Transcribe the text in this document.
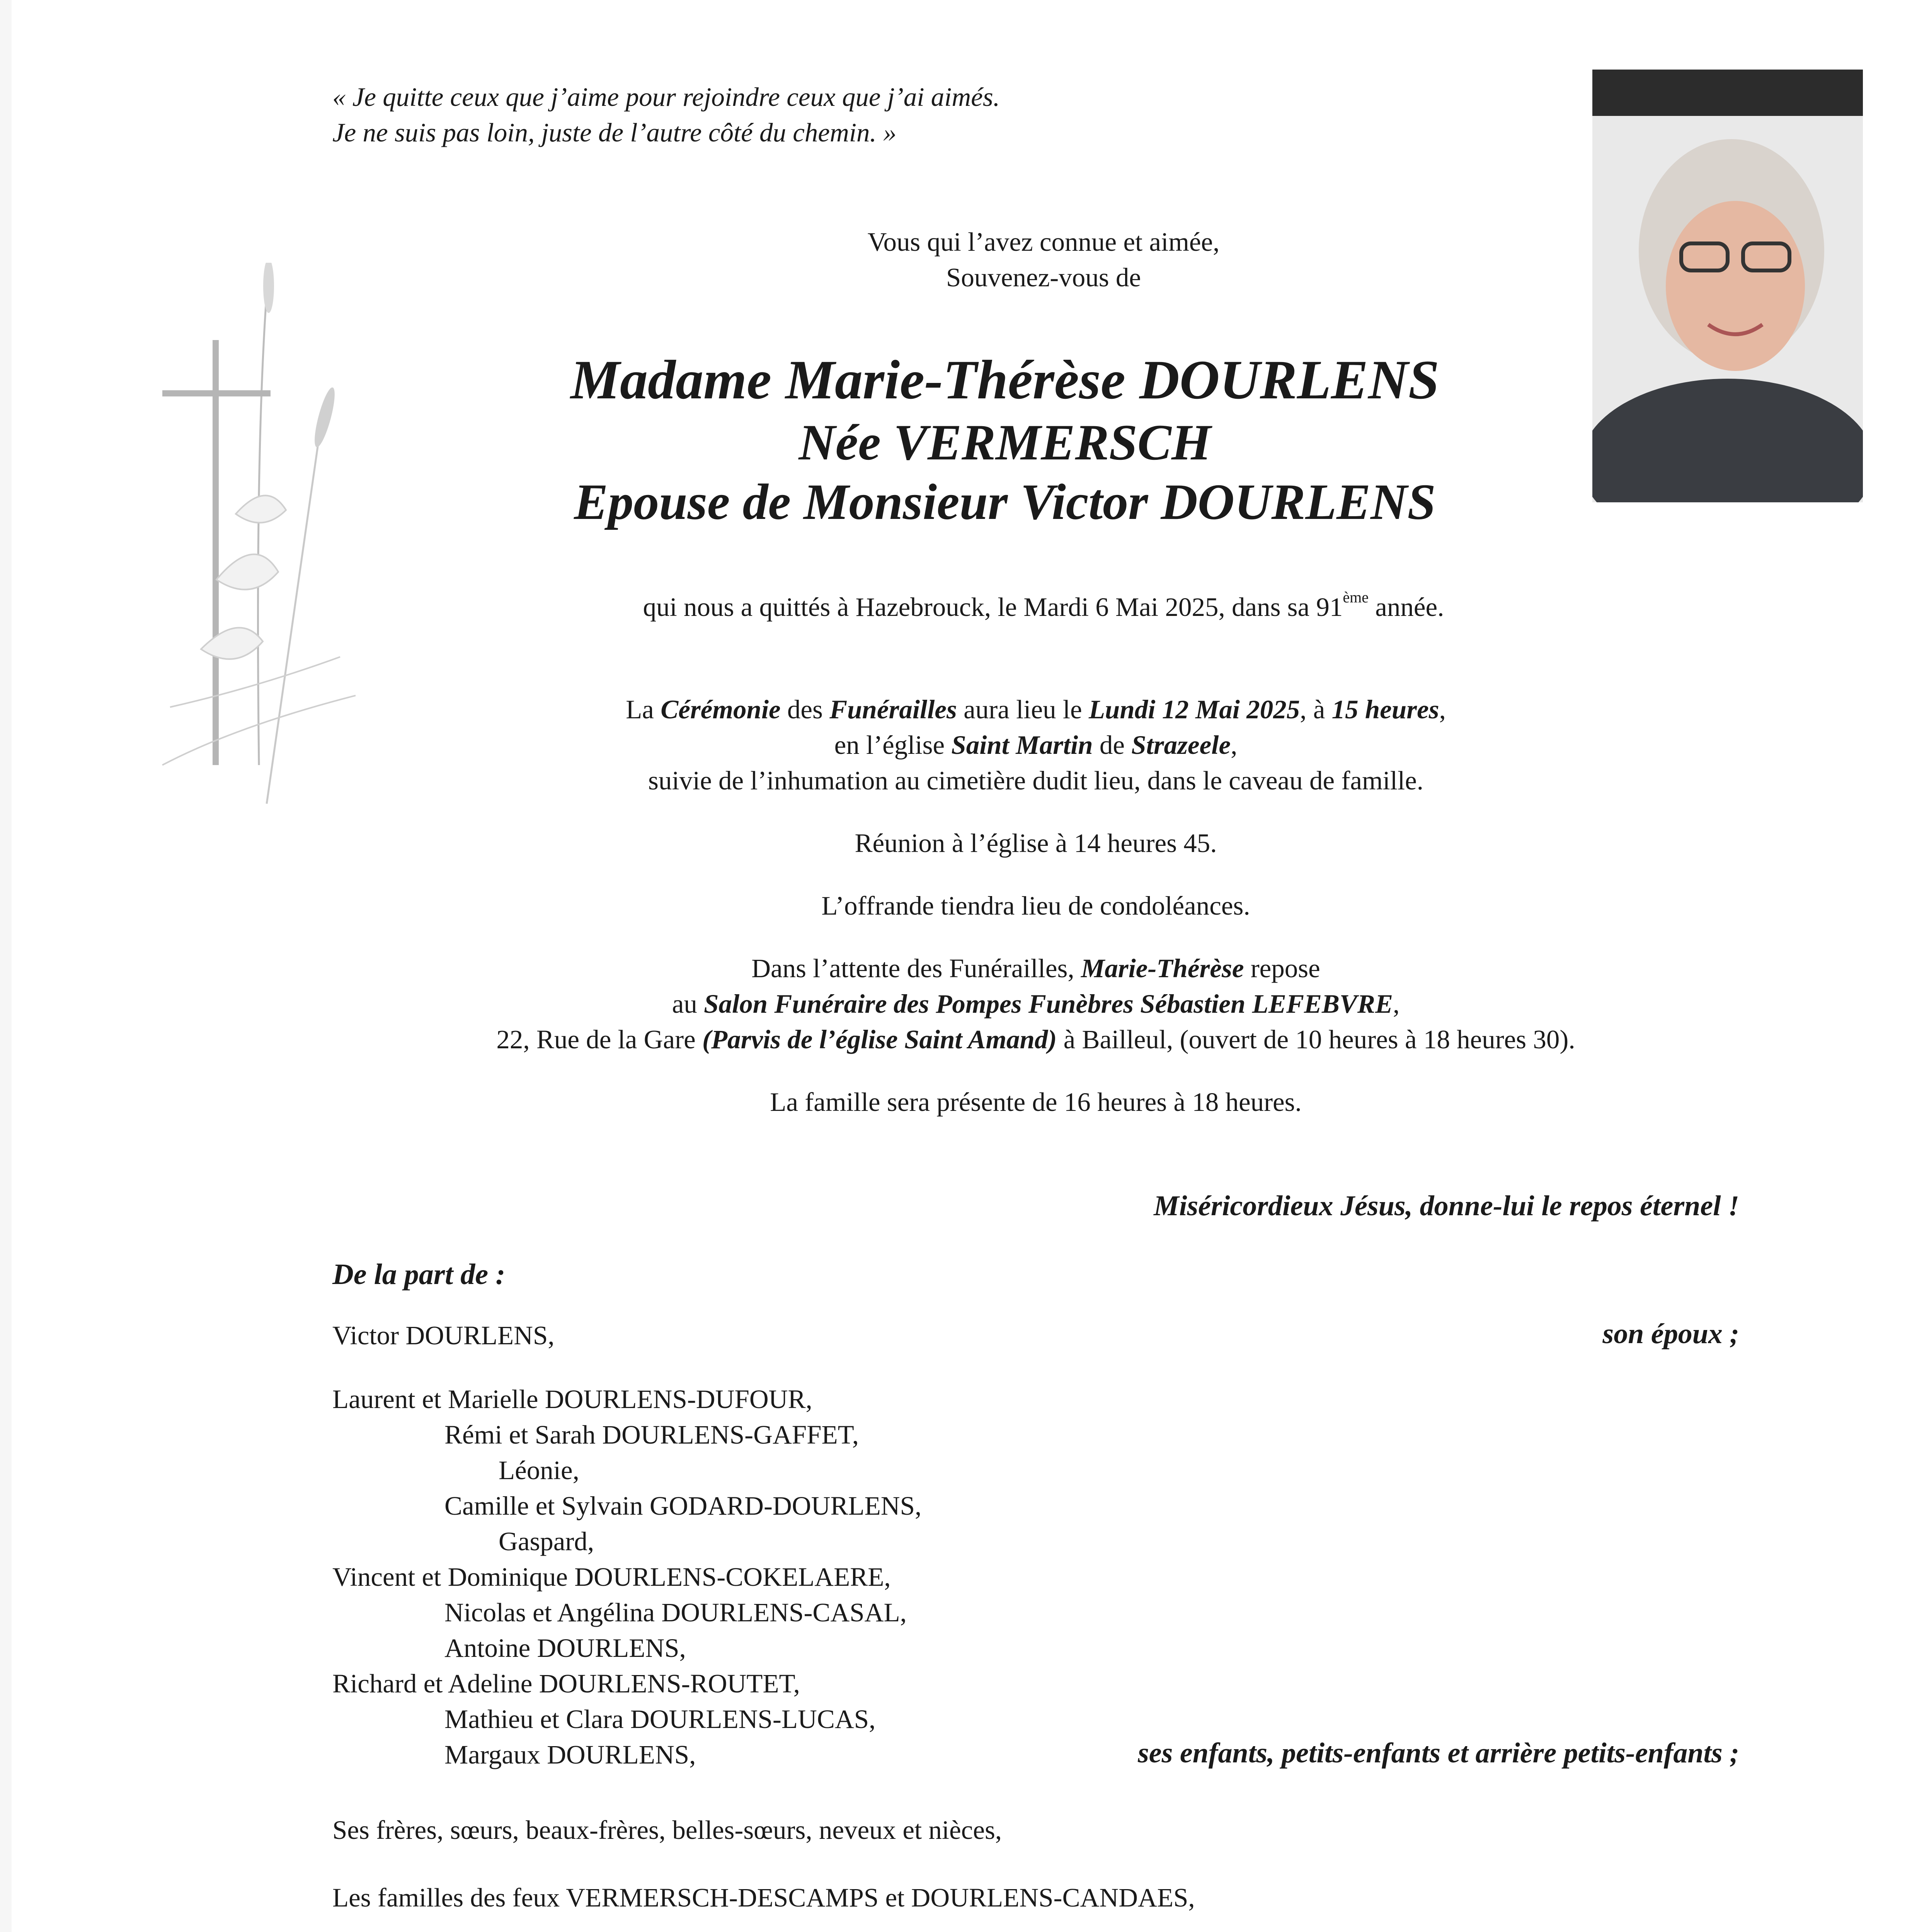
« Je quitte ceux que j’aime pour rejoindre ceux que j’ai aimés.
Je ne suis pas loin, juste de l’autre côté du chemin. »
Vous qui l’avez connue et aimée,
Souvenez-vous de
Madame Marie-Thérèse DOURLENS
Née VERMERSCH
Epouse de Monsieur Victor DOURLENS
qui nous a quittés à Hazebrouck, le Mardi 6 Mai 2025, dans sa 91ème année.

La Cérémonie des Funérailles aura lieu le Lundi 12 Mai 2025, à 15 heures,

en l’église Saint Martin de Strazeele,

suivie de l’inhumation au cimetière dudit lieu, dans le caveau de famille.

Réunion à l’église à 14 heures 45.

L’offrande tiendra lieu de condoléances.

Dans l’attente des Funérailles, Marie-Thérèse repose

au Salon Funéraire des Pompes Funèbres Sébastien LEFEBVRE,

22, Rue de la Gare (Parvis de l’église Saint Amand) à Bailleul, (ouvert de 10 heures à 18 heures 30).

La famille sera présente de 16 heures à 18 heures.

Miséricordieux Jésus, donne-lui le repos éternel !
De la part de :
Victor DOURLENS,	son époux ;
Laurent et Marielle DOURLENS-DUFOUR,
Rémi et Sarah DOURLENS-GAFFET,
Léonie,
Camille et Sylvain GODARD-DOURLENS,
Gaspard,
Vincent et Dominique DOURLENS-COKELAERE,
Nicolas et Angélina DOURLENS-CASAL,
Antoine DOURLENS,
Richard et Adeline DOURLENS-ROUTET,
Mathieu et Clara DOURLENS-LUCAS,
Margaux DOURLENS,	ses enfants, petits-enfants et arrière petits-enfants ;
Ses frères, sœurs, beaux-frères, belles-sœurs, neveux et nièces,
Les familles des feux VERMERSCH-DESCAMPS et DOURLENS-CANDAES,
